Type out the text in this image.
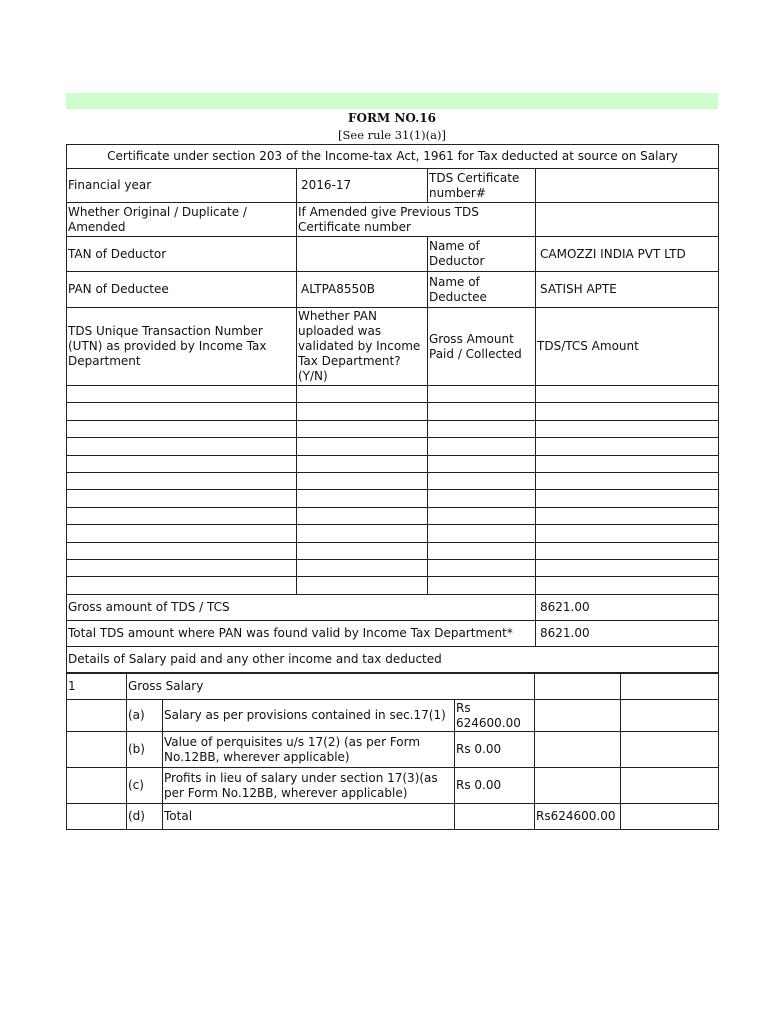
FORM NO.16
[See rule 31(1)(a)]
Certificate under section 203 of the Income-tax Act, 1961 for Tax deducted at source on Salary			
Financial year	2016-17	TDS Certificate number#	
Whether Original / Duplicate / Amended	If Amended give Previous TDS Certificate number		
TAN of Deductor		Name of Deductor	CAMOZZI INDIA PVT LTD
PAN of Deductee	ALTPA8550B	Name of Deductee	SATISH APTE
TDS Unique Transaction Number (UTN) as provided by Income Tax Department	Whether PAN uploaded was validated by Income Tax Department? (Y/N)	Gross Amount Paid / Collected	TDS/TCS Amount

Gross amount of TDS / TCS			8621.00
Total TDS amount where PAN was found valid by Income Tax Department*			8621.00
Details of Salary paid and any other income and tax deducted			
1	Gross Salary				
	(a)	Salary as per provisions contained in sec.17(1)	Rs 624600.00		
	(b)	Value of perquisites u/s 17(2) (as per Form No.12BB, wherever applicable)	Rs 0.00		
	(c)	Profits in lieu of salary under section 17(3)(as per Form No.12BB, wherever applicable)	Rs 0.00		
	(d)	Total		Rs624600.00	
